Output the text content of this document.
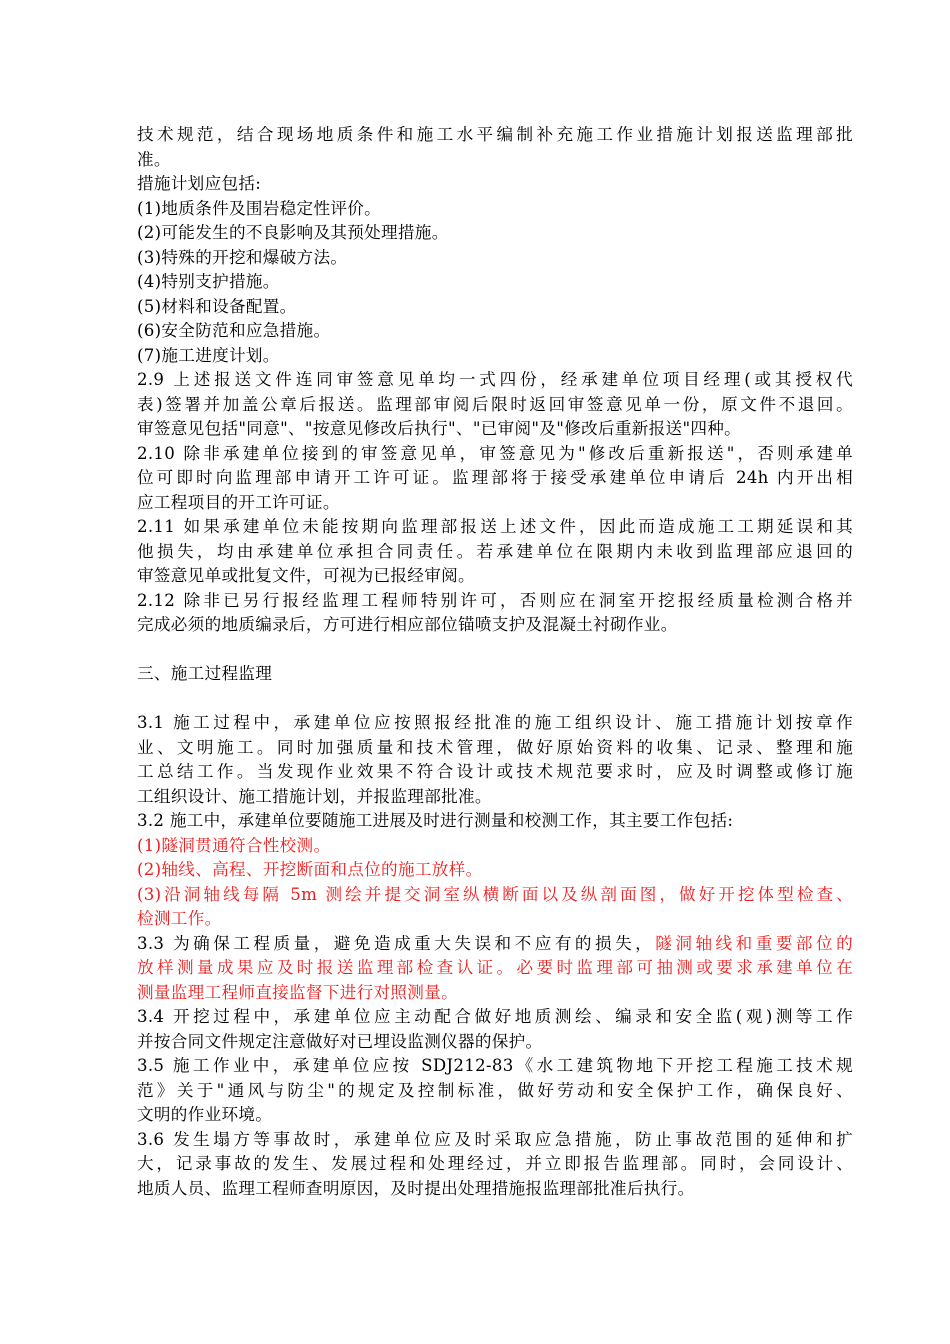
技术规范，结合现场地质条件和施工水平编制补充施工作业措施计划报送监理部批
准。
措施计划应包括:
(1)地质条件及围岩稳定性评价。
(2)可能发生的不良影响及其预处理措施。
(3)特殊的开挖和爆破方法。
(4)特别支护措施。
(5)材料和设备配置。
(6)安全防范和应急措施。
(7)施工进度计划。
2.9 上述报送文件连同审签意见单均一式四份，经承建单位项目经理(或其授权代
表)签署并加盖公章后报送。监理部审阅后限时返回审签意见单一份，原文件不退回。
审签意见包括"同意"、"按意见修改后执行"、"已审阅"及"修改后重新报送"四种。
2.10 除非承建单位接到的审签意见单，审签意见为"修改后重新报送"，否则承建单
位可即时向监理部申请开工许可证。监理部将于接受承建单位申请后 24h 内开出相
应工程项目的开工许可证。
2.11 如果承建单位未能按期向监理部报送上述文件，因此而造成施工工期延误和其
他损失，均由承建单位承担合同责任。若承建单位在限期内未收到监理部应退回的
审签意见单或批复文件，可视为已报经审阅。
2.12 除非已另行报经监理工程师特别许可，否则应在洞室开挖报经质量检测合格并
完成必须的地质编录后，方可进行相应部位锚喷支护及混凝土衬砌作业。
三、施工过程监理
3.1 施工过程中，承建单位应按照报经批准的施工组织设计、施工措施计划按章作
业、文明施工。同时加强质量和技术管理，做好原始资料的收集、记录、整理和施
工总结工作。当发现作业效果不符合设计或技术规范要求时，应及时调整或修订施
工组织设计、施工措施计划，并报监理部批准。
3.2 施工中，承建单位要随施工进展及时进行测量和校测工作，其主要工作包括:
(1)隧洞贯通符合性校测。
(2)轴线、高程、开挖断面和点位的施工放样。
(3)沿洞轴线每隔 5m 测绘并提交洞室纵横断面以及纵剖面图，做好开挖体型检查、
检测工作。
3.3 为确保工程质量，避免造成重大失误和不应有的损失，隧洞轴线和重要部位的
放样测量成果应及时报送监理部检查认证。必要时监理部可抽测或要求承建单位在
测量监理工程师直接监督下进行对照测量。
3.4 开挖过程中，承建单位应主动配合做好地质测绘、编录和安全监(观)测等工作
并按合同文件规定注意做好对已埋设监测仪器的保护。
3.5 施工作业中，承建单位应按 SDJ212-83《水工建筑物地下开挖工程施工技术规
范》关于"通风与防尘"的规定及控制标准，做好劳动和安全保护工作，确保良好、
文明的作业环境。
3.6 发生塌方等事故时，承建单位应及时采取应急措施，防止事故范围的延伸和扩
大，记录事故的发生、发展过程和处理经过，并立即报告监理部。同时，会同设计、
地质人员、监理工程师查明原因，及时提出处理措施报监理部批准后执行。
